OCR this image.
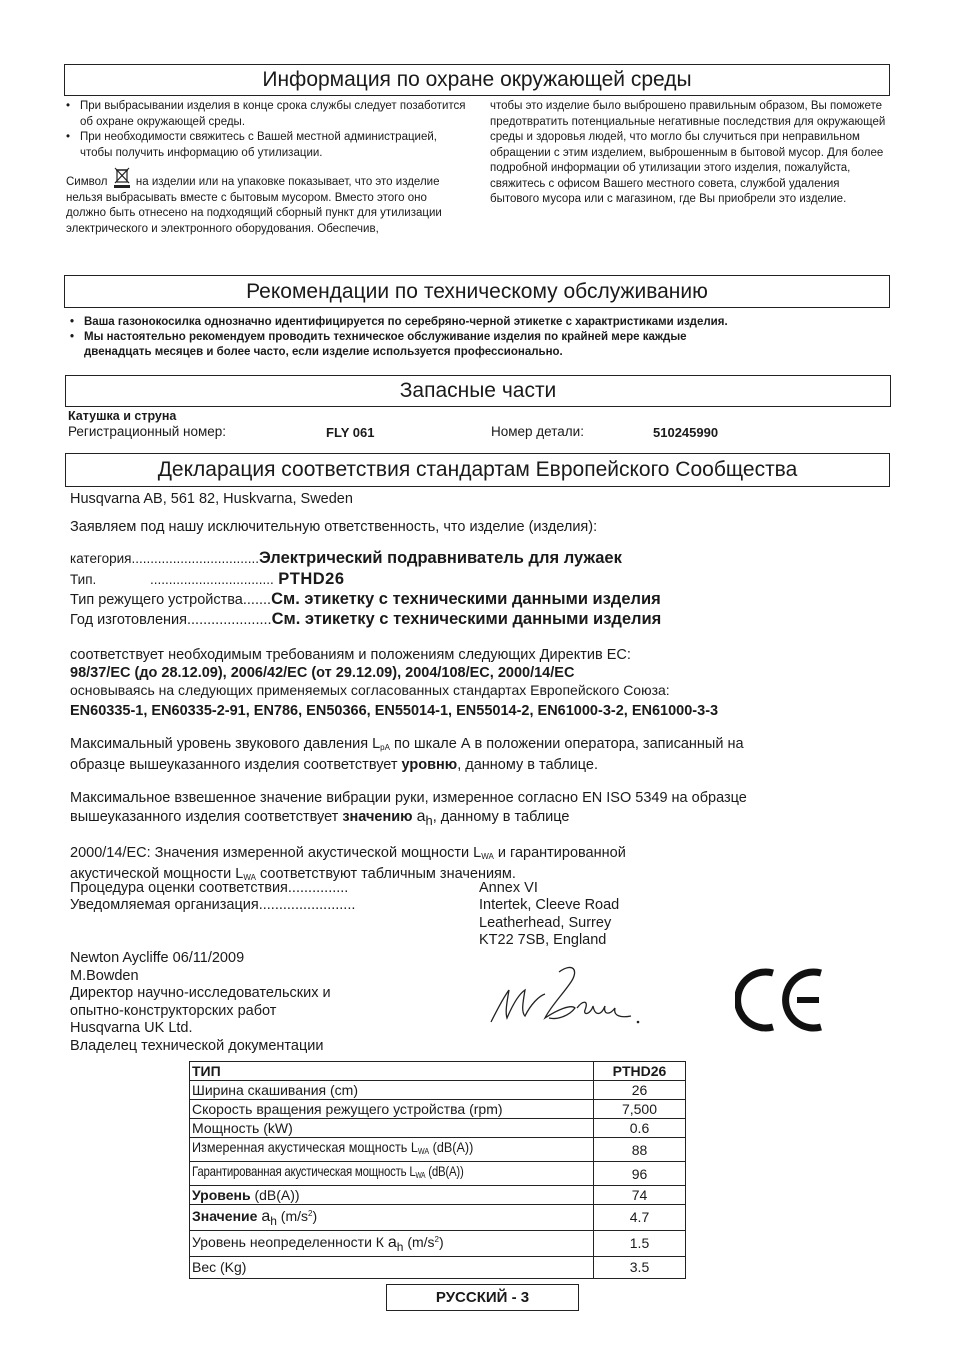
Информация по охране окружающей среды
• При выбрасывании изделия в конце срока службы следует позаботится об охране окружающей среды.
• При необходимости свяжитесь с Вашей местной администрацией, чтобы получить информацию об утилизации.
Символ на изделии или на упаковке показывает, что это изделие нельзя выбрасывать вместе с бытовым мусором. Вместо этого оно должно быть отнесено на подходящий сборный пункт для утилизации электрического и электронного оборудования. Обеспечив,
чтобы это изделие было выброшено правильным образом, Вы поможете предотвратить потенциальные негативные последствия для окружающей среды и здоровья людей, что могло бы случиться при неправильном обращении с этим изделием, выброшенным в бытовой мусор. Для более подробной информации об утилизации этого изделия, пожалуйста, свяжитесь с офисом Вашего местного совета, службой удаления бытового мусора или с магазином, где Вы приобрели это изделие.
Рекомендации по техническому обслуживанию
• Ваша газонокосилка однозначно идентифицируется по серебряно-черной этикетке с характристиками изделия.
• Мы настоятельно рекомендуем проводить техническое обслуживание изделия по крайней мере каждые
двенадцать месяцев и более часто, если изделие используется профессионально.
Запасные части
Катушка и струна
Регистрационный номер:	FLY 061	Номер детали:	510245990
Декларация соответствия стандартам Европейского Сообщества
Husqvarna AB, 561 82, Huskvarna, Sweden
Заявляем под нашу исключительную ответственность, что изделие (изделия):
категория..................................Электрический подравниватель для лужаек
Тип.	................................. PTHD26
Тип режущего устройства.......См. этикетку с техническими данными изделия
Год изготовления.....................См. этикетку с техническими данными изделия
соответствует необходимым требованиям и положениям следующих Директив ЕС:
98/37/EC (до 28.12.09), 2006/42/EC (от 29.12.09), 2004/108/EC, 2000/14/EC
основываясь на следующих применяемых согласованных стандартах Европейского Союза:
EN60335-1, EN60335-2-91, EN786, EN50366, EN55014-1, EN55014-2, EN61000-3-2, EN61000-3-3
Максимальный уровень звукового давления $L_{pA}$ по шкале А в положении оператора, записанный на
образце вышеуказанного изделия соответствует уровню, данному в таблице.
Максимальное взвешенное значение вибрации руки, измеренное согласно EN ISO 5349 на образце
вышеуказанного изделия соответствует значению $a_h$, данному в таблице
2000/14/EC: Значения измеренной акустической мощности $L_{WA}$ и гарантированной
акустической мощности $L_{WA}$ соответствуют табличным значениям.
Процедура оценки соответствия...............	Annex VI
Уведомляемая организация........................	Intertek, Cleeve Road
Leatherhead, Surrey
KT22 7SB, England
Newton Aycliffe 06/11/2009
M.Bowden
Директор научно-исследовательских и
опытно-конструкторских работ
Husqvarna UK Ltd.
Владелец технической документации
ТИП	PTHD26
Ширина скашивания (cm)	26
Скорость вращения режущего устройства (rpm)	7,500
Мощность (kW)	0.6
Измеренная акустическая мощность $L_{WA}$ (dB(A))	88
Гарантированная акустическая мощность $L_{WA}$ (dB(A))	96
Уровень (dB(A))	74
Значение $a_h$ $(m/s^2)$	4.7
Уровень неопределенности К $a_h$ $(m/s^2)$	1.5
Вес (Kg)	3.5
РУССКИЙ - 3
